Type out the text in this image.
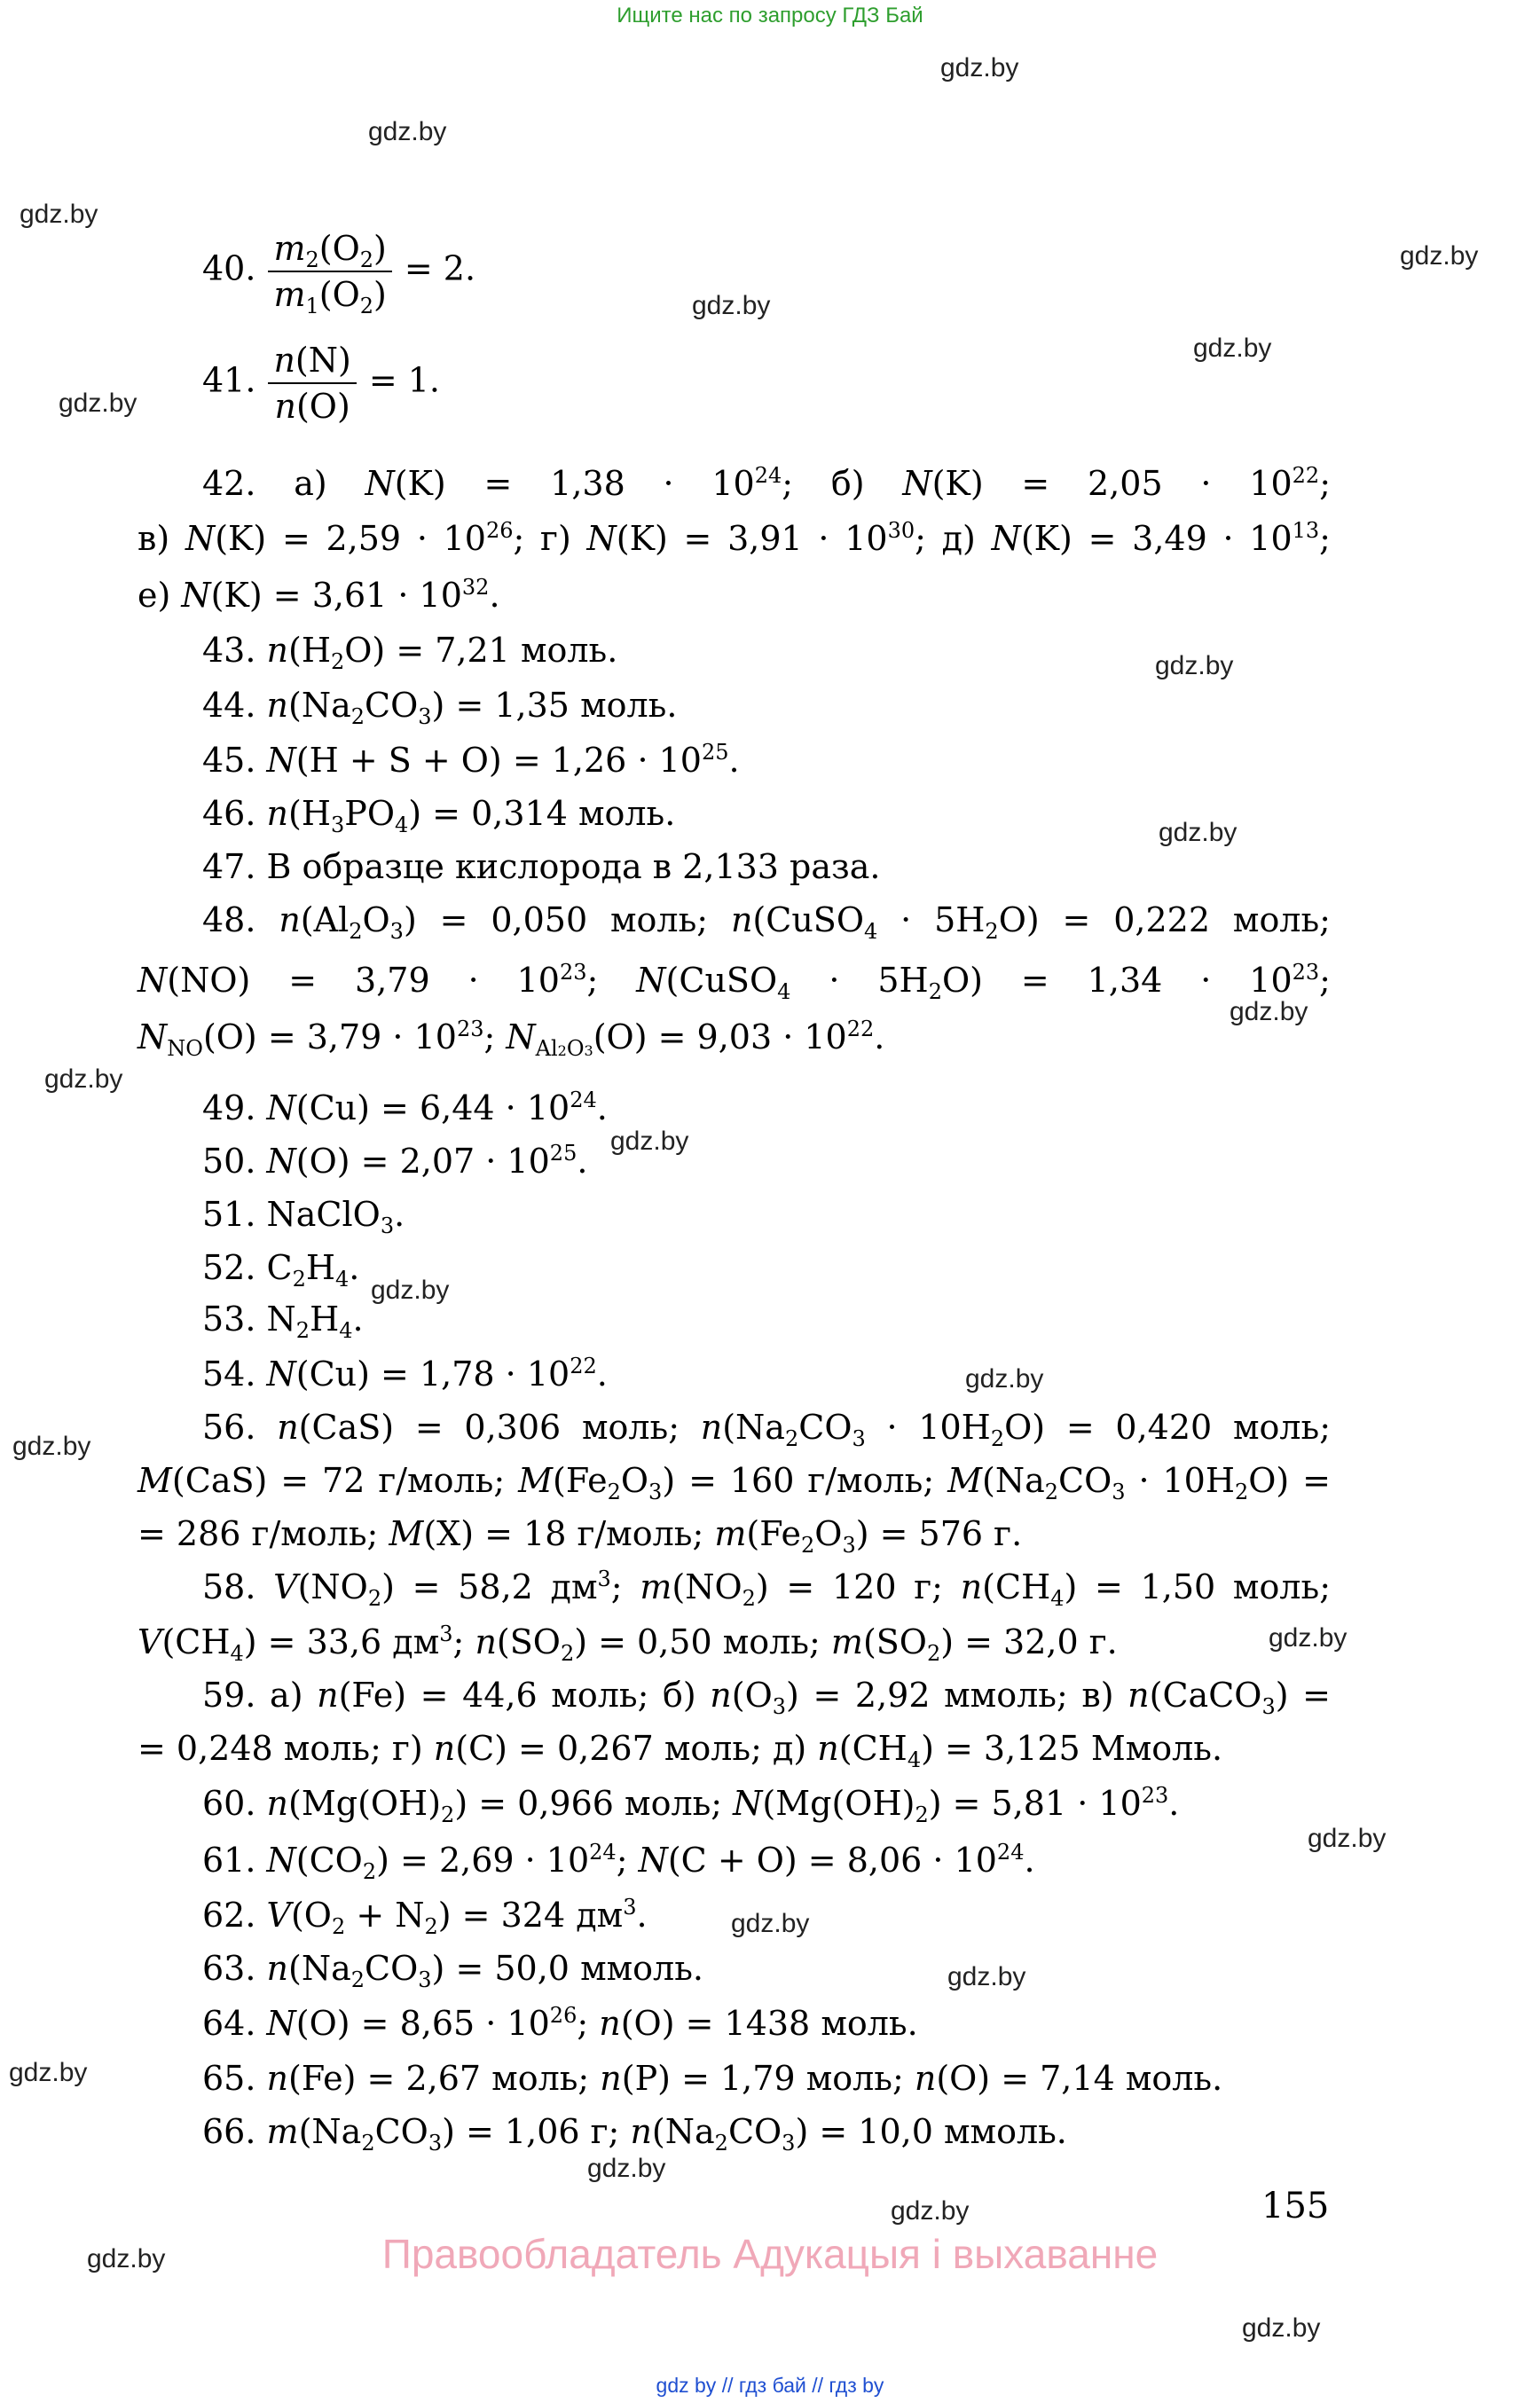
Ищите нас по запросу ГДЗ Бай
gdz.by
gdz.by
gdz.by
gdz.by
gdz.by
gdz.by
gdz.by
gdz.by
gdz.by
gdz.by
gdz.by
gdz.by
gdz.by
gdz.by
gdz.by
gdz.by
gdz.by
gdz.by
gdz.by
gdz.by
gdz.by
gdz.by
gdz.by
gdz.by
40. $\frac{m_2(O_2)}{m_1(O_2)} = 2$.
41. $\frac{n(N)}{n(O)} = 1$.
42. а) $N(K) = 1,38 \cdot 10^{24}$; б) $N(K) = 2,05 \cdot 10^{22}$;
в) $N(K) = 2,59 \cdot 10^{26}$; г) $N(K) = 3,91 \cdot 10^{30}$; д) $N(K) = 3,49 \cdot 10^{13}$;
е) $N(K) = 3,61 \cdot 10^{32}$.
43. $n(H_2O) = 7,21$ моль.
44. $n(Na_2CO_3) = 1,35$ моль.
45. $N(H + S + O) = 1,26 \cdot 10^{25}$.
46. $n(H_3PO_4) = 0,314$ моль.
47. В образце кислорода в 2,133 раза.
48. $n(Al_2O_3) = 0,050$ моль; n(CuSO$_4$ · $5H_2O) = 0,222$ моль;
$N(NO) = 3,79 \cdot 10^{23}$; N(CuSO$_4$ · $5H_2O) = 1,34 \cdot 10^{23}$;
$N_{NO}(O) = 3,79 \cdot 10^{23}$; $N_{Al2O3}(O) = 9,03 \cdot 10^{22}$.
49. $N(Cu) = 6,44 \cdot 10^{24}$.
50. $N(O) = 2,07 \cdot 10^{25}$.
51. NaClO$_3$.
52. $C_2H_4$.
53. $N_2H_4$.
54. $N(Cu) = 1,78 \cdot 10^{22}$.
56. n(CaS) = 0,306 моль; $n(Na_2CO_3 \cdot 10H_2O) = 0,420$ моль;
M(CaS) = 72 г/моль; $M(Fe_2O_3) = 160$ г/моль; $M(Na_2CO_3 \cdot 10H_2O)$ =
= 286 г/моль; M(X) = 18 г/моль; $m(Fe_2O_3) = 576$ г.
58. $V(NO_2) = 58,2$ $дм^3$; $m(NO_2) = 120$ г; $n(CH_4) = 1,50$ моль;
$V(CH_4) = 33,6$ $дм^3$; $n(SO_2) = 0,50$ моль; $m(SO_2) = 32,0$ г.
59. а) n(Fe) = 44,6 моль; б) $n(O_3) = 2,92$ ммоль; в) n(CaCO$_3$) =
= 0,248 моль; г) n(C) = 0,267 моль; д) $n(CH_4) = 3,125$ Ммоль.
60. $n(Mg(OH)_2) = 0,966$ моль; $N(Mg(OH)_2) = 5,81 \cdot 10^{23}$.
61. $N(CO_2) = 2,69 \cdot 10^{24}$; $N(C + O) = 8,06 \cdot 10^{24}$.
62. $V(O_2 + N_2) = 324$ $дм^3$.
63. $n(Na_2CO_3) = 50,0$ ммоль.
64. $N(O) = 8,65 \cdot 10^{26}$; n(O) = 1438 моль.
65. n(Fe) = 2,67 моль; n(P) = 1,79 моль; n(O) = 7,14 моль.
66. $m(Na_2CO_3) = 1,06$ г; $n(Na_2CO_3) = 10,0$ ммоль.
155
Правообладатель Адукацыя і выхаванне
gdz by // гдз бай // гдз by
